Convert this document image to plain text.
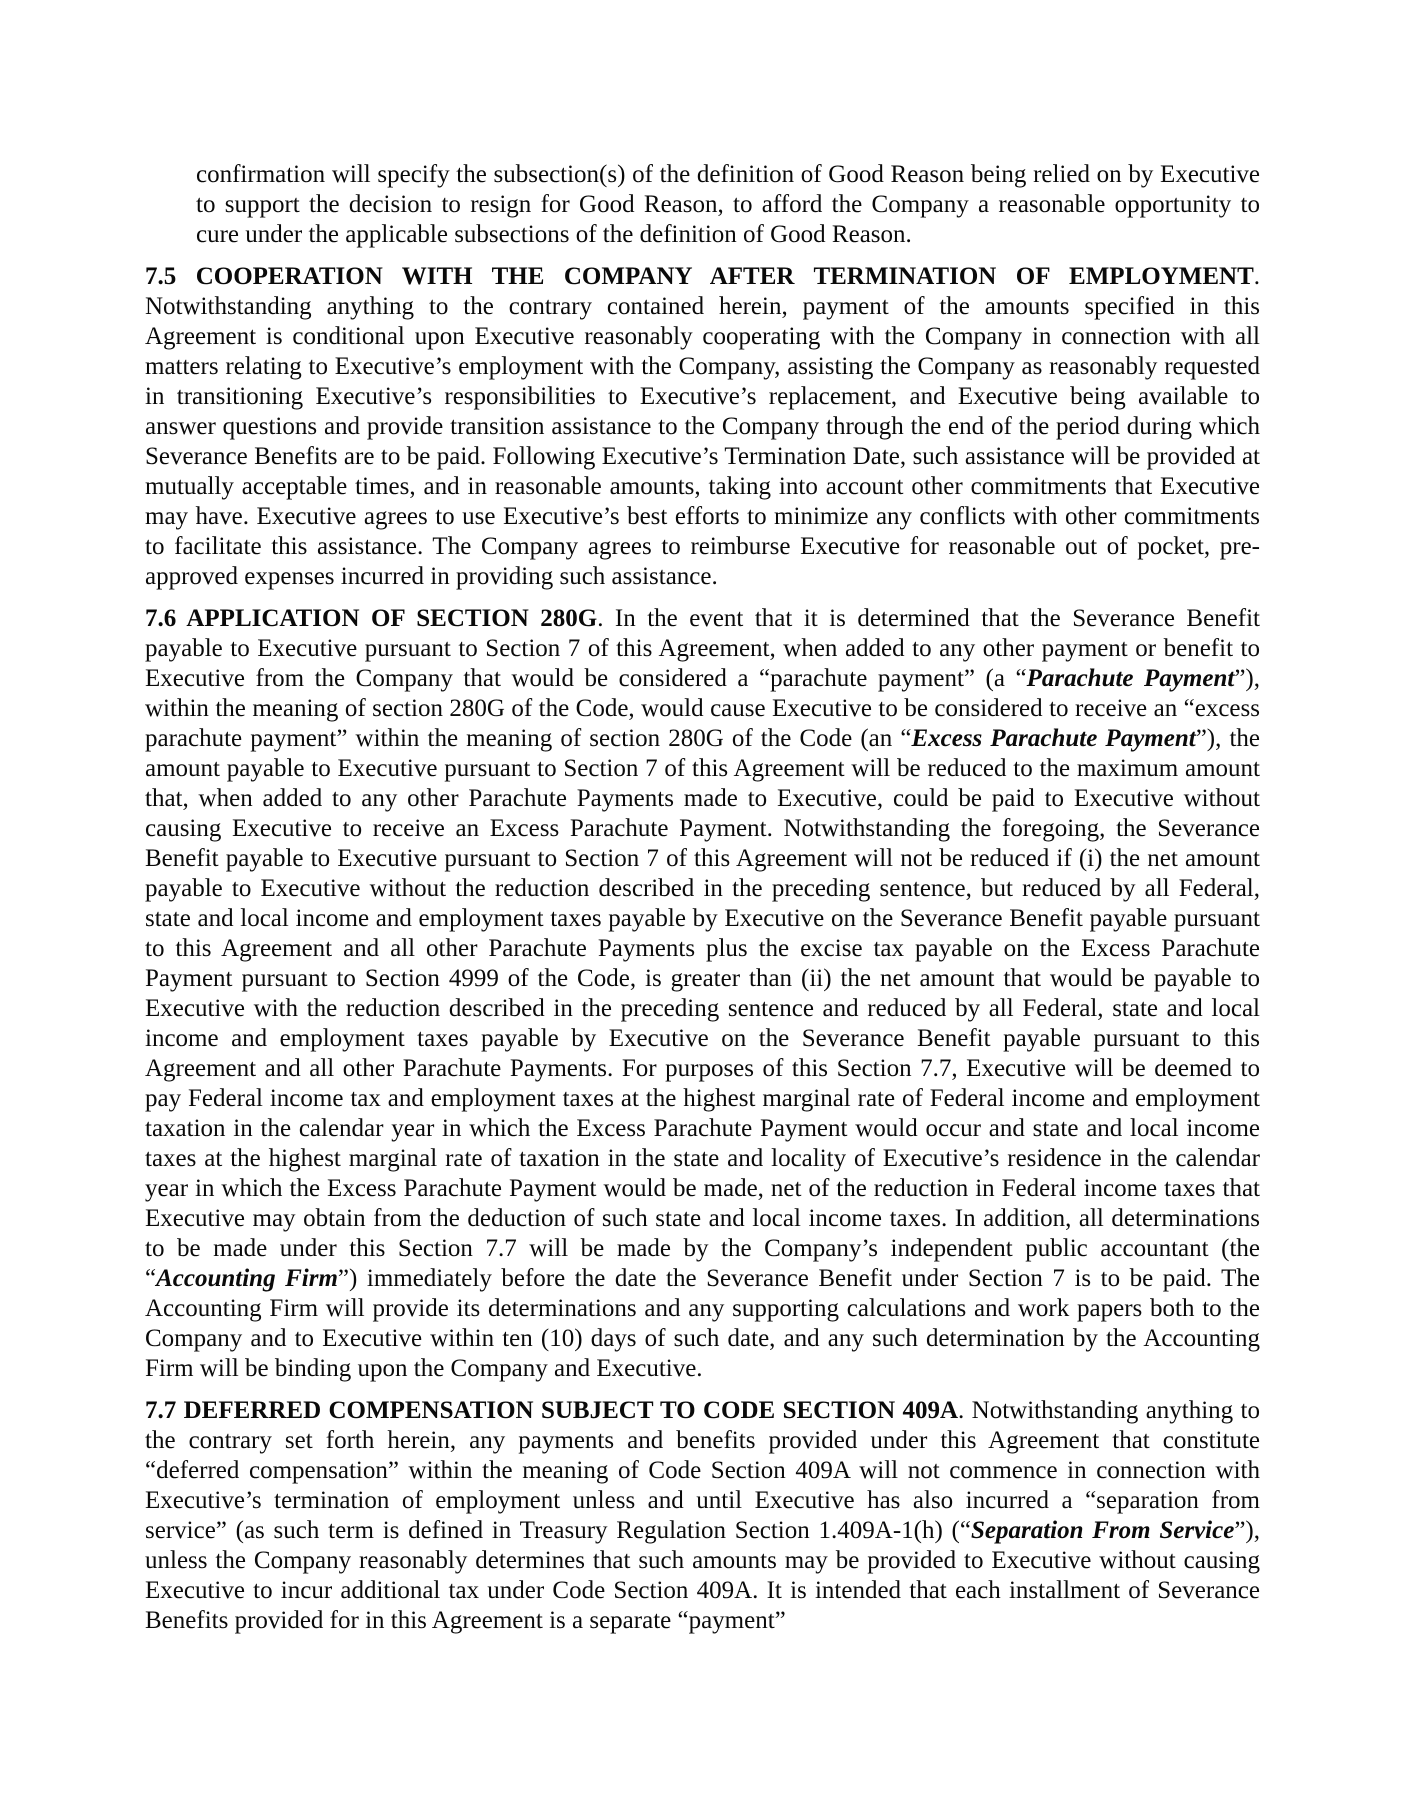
confirmation will specify the subsection(s) of the definition of Good Reason being relied on by Executive to support the decision to resign for Good Reason, to afford the Company a reasonable opportunity to cure under the applicable subsections of the definition of Good Reason.

7.5 COOPERATION WITH THE COMPANY AFTER TERMINATION OF EMPLOYMENT. Notwithstanding anything to the contrary contained herein, payment of the amounts specified in this Agreement is conditional upon Executive reasonably cooperating with the Company in connection with all matters relating to Executive’s employment with the Company, assisting the Company as reasonably requested in transitioning Executive’s responsibilities to Executive’s replacement, and Executive being available to answer questions and provide transition assistance to the Company through the end of the period during which Severance Benefits are to be paid. Following Executive’s Termination Date, such assistance will be provided at mutually acceptable times, and in reasonable amounts, taking into account other commitments that Executive may have. Executive agrees to use Executive’s best efforts to minimize any conflicts with other commitments to facilitate this assistance. The Company agrees to reimburse Executive for reasonable out of pocket, pre-approved expenses incurred in providing such assistance.

7.6 APPLICATION OF SECTION 280G. In the event that it is determined that the Severance Benefit payable to Executive pursuant to Section 7 of this Agreement, when added to any other payment or benefit to Executive from the Company that would be considered a “parachute payment” (a “Parachute Payment”), within the meaning of section 280G of the Code, would cause Executive to be considered to receive an “excess parachute payment” within the meaning of section 280G of the Code (an “Excess Parachute Payment”), the amount payable to Executive pursuant to Section 7 of this Agreement will be reduced to the maximum amount that, when added to any other Parachute Payments made to Executive, could be paid to Executive without causing Executive to receive an Excess Parachute Payment. Notwithstanding the foregoing, the Severance Benefit payable to Executive pursuant to Section 7 of this Agreement will not be reduced if (i) the net amount payable to Executive without the reduction described in the preceding sentence, but reduced by all Federal, state and local income and employment taxes payable by Executive on the Severance Benefit payable pursuant to this Agreement and all other Parachute Payments plus the excise tax payable on the Excess Parachute Payment pursuant to Section 4999 of the Code, is greater than (ii) the net amount that would be payable to Executive with the reduction described in the preceding sentence and reduced by all Federal, state and local income and employment taxes payable by Executive on the Severance Benefit payable pursuant to this Agreement and all other Parachute Payments. For purposes of this Section 7.7, Executive will be deemed to pay Federal income tax and employment taxes at the highest marginal rate of Federal income and employment taxation in the calendar year in which the Excess Parachute Payment would occur and state and local income taxes at the highest marginal rate of taxation in the state and locality of Executive’s residence in the calendar year in which the Excess Parachute Payment would be made, net of the reduction in Federal income taxes that Executive may obtain from the deduction of such state and local income taxes. In addition, all determinations to be made under this Section 7.7 will be made by the Company’s independent public accountant (the “Accounting Firm”) immediately before the date the Severance Benefit under Section 7 is to be paid. The Accounting Firm will provide its determinations and any supporting calculations and work papers both to the Company and to Executive within ten (10) days of such date, and any such determination by the Accounting Firm will be binding upon the Company and Executive.

7.7 DEFERRED COMPENSATION SUBJECT TO CODE SECTION 409A. Notwithstanding anything to the contrary set forth herein, any payments and benefits provided under this Agreement that constitute “deferred compensation” within the meaning of Code Section 409A will not commence in connection with Executive’s termination of employment unless and until Executive has also incurred a “separation from service” (as such term is defined in Treasury Regulation Section 1.409A-1(h) (“Separation From Service”), unless the Company reasonably determines that such amounts may be provided to Executive without causing Executive to incur additional tax under Code Section 409A. It is intended that each installment of Severance Benefits provided for in this Agreement is a separate “payment”
